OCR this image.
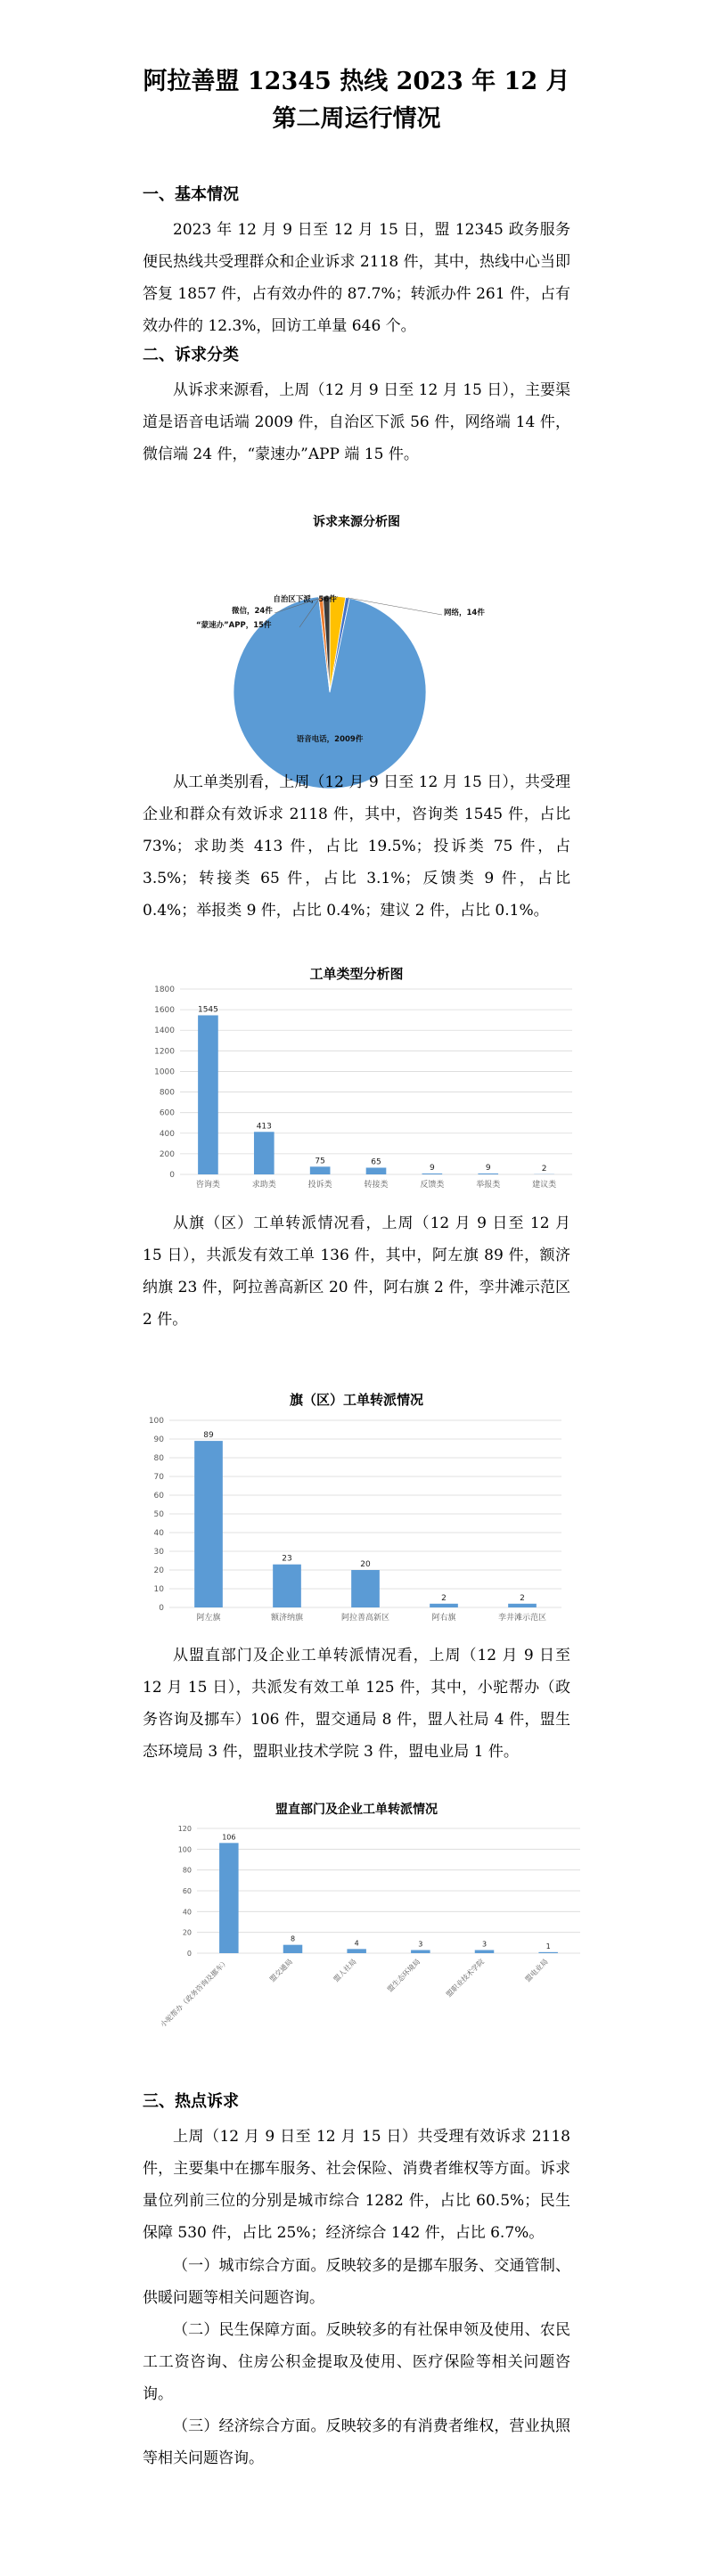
阿拉善盟 12345 热线 2023 年 12 月
第二周运行情况
一、基本情况

2023 年 12 月 9 日至 12 月 15 日，盟 12345 政务服务便民热线共受理群众和企业诉求 2118 件，其中，热线中心当即答复 1857 件，占有效办件的 87.7%；转派办件 261 件，占有效办件的 12.3%，回访工单量 646 个。

二、诉求分类

从诉求来源看，上周（12 月 9 日至 12 月 15 日），主要渠道是语音电话端 2009 件，自治区下派 56 件，网络端 14 件，微信端 24 件，“蒙速办”APP 端 15 件。

诉求来源分析图
语音电话，2009件
自治区下派，56件
网络，14件
微信，24件
“蒙速办”APP，15件

从工单类别看，上周（12 月 9 日至 12 月 15 日），共受理企业和群众有效诉求 2118 件，其中，咨询类 1545 件，占比 73%；求助类 413 件，占比 19.5%；投诉类 75 件，占 3.5%；转接类 65 件，占比 3.1%；反馈类 9 件，占比 0.4%；举报类 9 件，占比 0.4%；建议 2 件，占比 0.1%。

工单类型分析图
0
200
400
600
800
1000
1200
1400
1600
1800
1545
咨询类
413
求助类
75
投诉类
65
转接类
9
反馈类
9
举报类
2
建议类

从旗（区）工单转派情况看，上周（12 月 9 日至 12 月 15 日），共派发有效工单 136 件，其中，阿左旗 89 件，额济纳旗 23 件，阿拉善高新区 20 件，阿右旗 2 件，孪井滩示范区 2 件。

旗（区）工单转派情况
0
10
20
30
40
50
60
70
80
90
100
89
阿左旗
23
额济纳旗
20
阿拉善高新区
2
阿右旗
2
孪井滩示范区

从盟直部门及企业工单转派情况看，上周（12 月 9 日至 12 月 15 日），共派发有效工单 125 件，其中，小驼帮办（政务咨询及挪车）106 件，盟交通局 8 件，盟人社局 4 件，盟生态环境局 3 件，盟职业技术学院 3 件，盟电业局 1 件。

盟直部门及企业工单转派情况
0
20
40
60
80
100
120
106
小驼帮办（政务咨询及挪车）
8
盟交通局
4
盟人社局
3
盟生态环境局
3
盟职业技术学院
1
盟电业局
三、热点诉求

上周（12 月 9 日至 12 月 15 日）共受理有效诉求 2118 件，主要集中在挪车服务、社会保险、消费者维权等方面。诉求量位列前三位的分别是城市综合 1282 件，占比 60.5%；民生保障 530 件，占比 25%；经济综合 142 件，占比 6.7%。

（一）城市综合方面。反映较多的是挪车服务、交通管制、供暖问题等相关问题咨询。

（二）民生保障方面。反映较多的有社保申领及使用、农民工工资咨询、住房公积金提取及使用、医疗保险等相关问题咨询。

（三）经济综合方面。反映较多的有消费者维权，营业执照等相关问题咨询。
